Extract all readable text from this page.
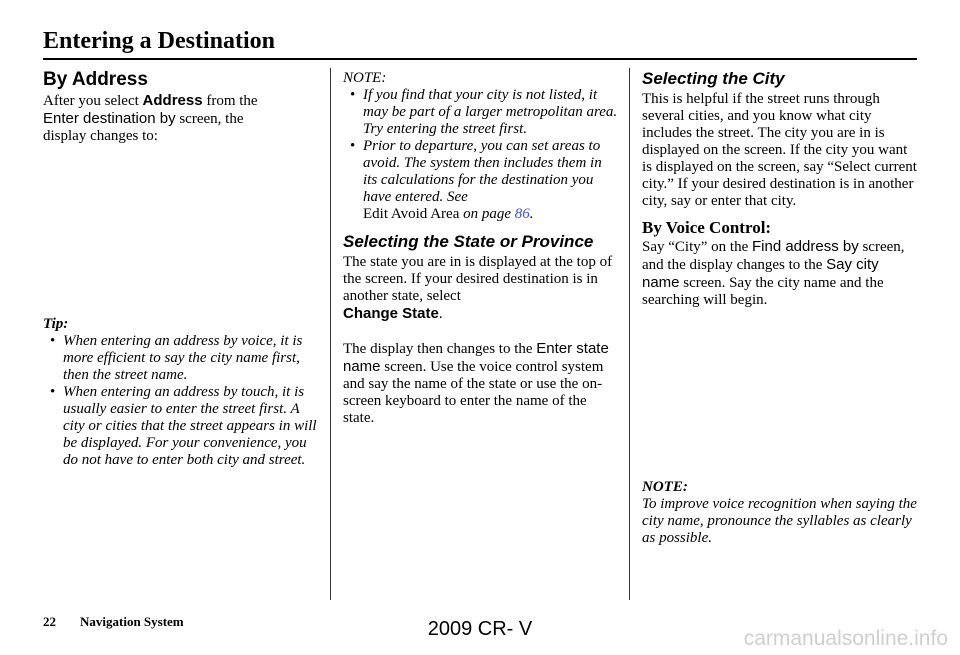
Entering a Destination
By Address

After you select Address from the
Enter destination by screen, the
display changes to:

Tip:

• When entering an address by voice, it is more efficient to say the city name first, then the street name.
• When entering an address by touch, it is usually easier to enter the street first. A city or cities that the street appears in will be displayed. For your convenience, you do not have to enter both city and street.

NOTE:

• If you find that your city is not listed, it may be part of a larger metropolitan area. Try entering the street first.
• Prior to departure, you can set areas to avoid. The system then includes them in its calculations for the destination you have entered. See
Edit Avoid Area on page 86.
Selecting the State or Province

The state you are in is displayed at the top of the screen. If your desired destination is in another state, select
Change State.

The display then changes to the Enter state name screen. Use the voice control system and say the name of the state or use the on-screen keyboard to enter the name of the state.

Selecting the City

This is helpful if the street runs through several cities, and you know what city includes the street. The city you are in is displayed on the screen. If the city you want is displayed on the screen, say “Select current city.” If your desired destination is in another city, say or enter that city.

By Voice Control:

Say “City” on the Find address by screen, and the display changes to the Say city name screen. Say the city name and the searching will begin.

NOTE:

To improve voice recognition when saying the city name, pronounce the syllables as clearly as possible.

22 Navigation System	2009 CR- V	carmanualsonline.info
